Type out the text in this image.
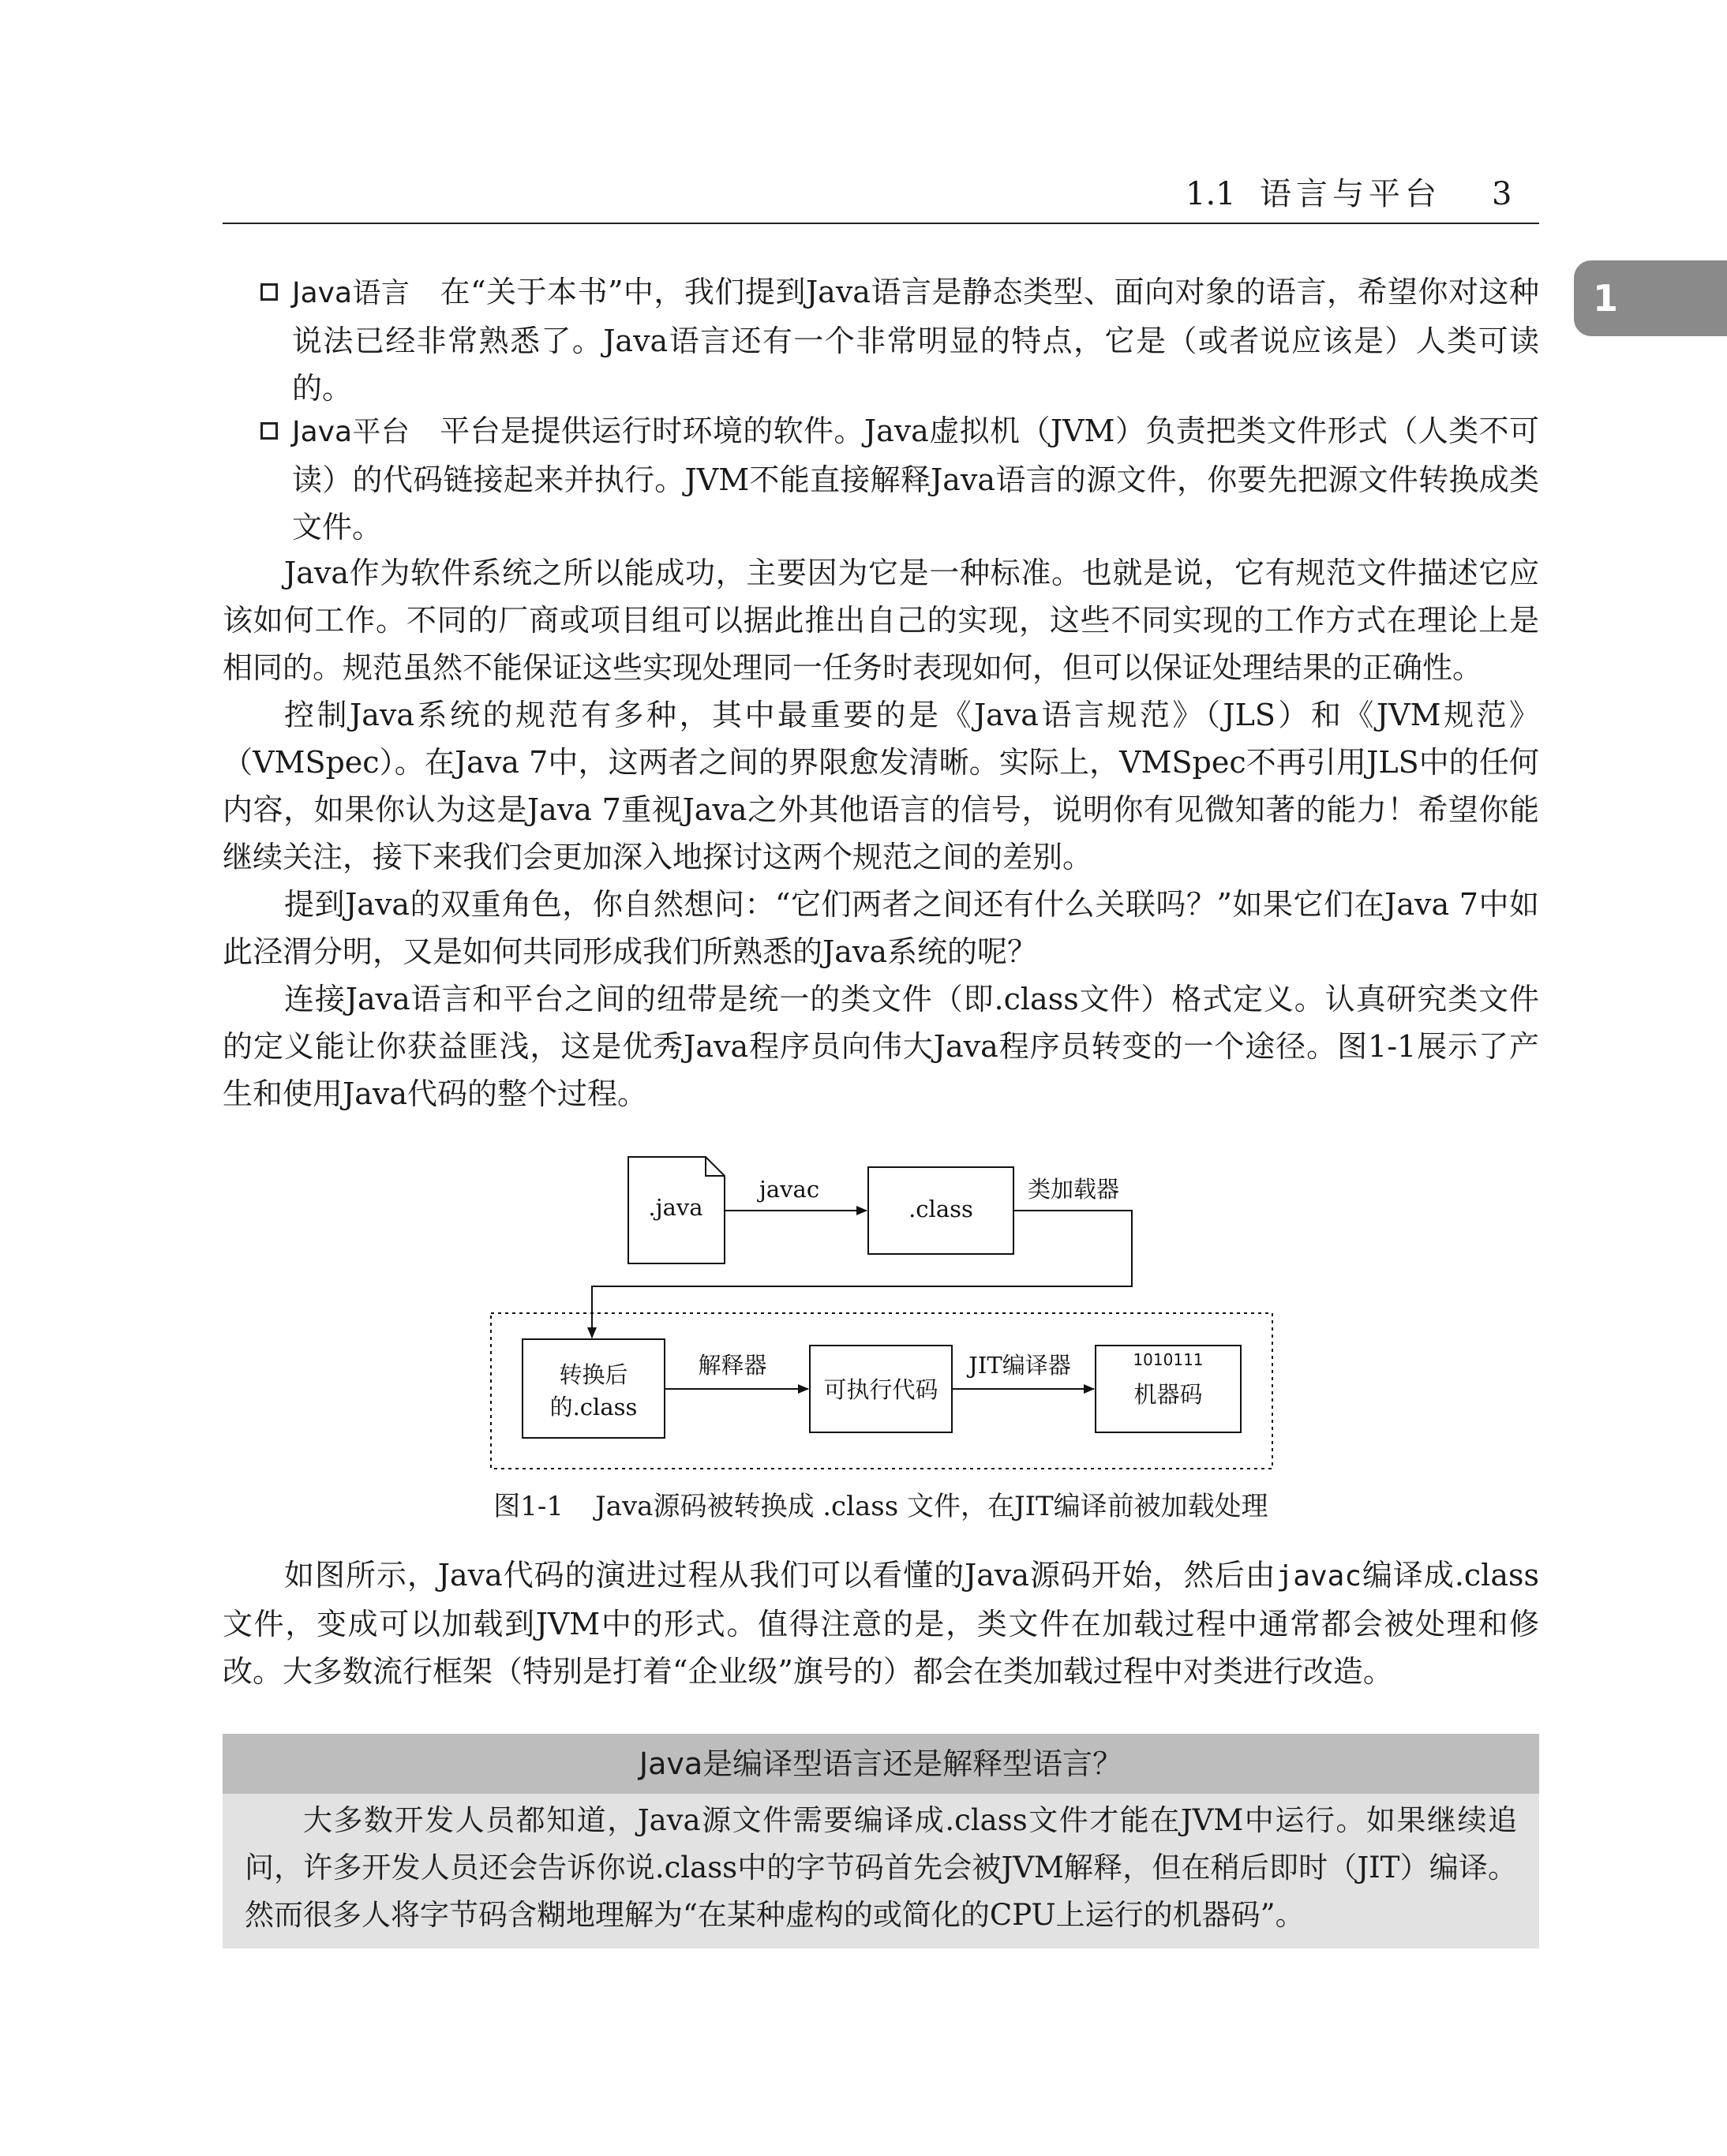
1.1 语言与平台 3
1

Java语言 在“关于本书”中，我们提到Java语言是静态类型、面向对象的语言，希望你对这种说法已经非常熟悉了。Java语言还有一个非常明显的特点，它是（或者说应该是）人类可读的。

Java平台 平台是提供运行时环境的软件。Java虚拟机（JVM）负责把类文件形式（人类不可读）的代码链接起来并执行。JVM不能直接解释Java语言的源文件，你要先把源文件转换成类文件。

Java作为软件系统之所以能成功，主要因为它是一种标准。也就是说，它有规范文件描述它应该如何工作。不同的厂商或项目组可以据此推出自己的实现，这些不同实现的工作方式在理论上是相同的。规范虽然不能保证这些实现处理同一任务时表现如何，但可以保证处理结果的正确性。

控制Java系统的规范有多种，其中最重要的是《Java语言规范》（JLS）和《JVM规范》（VMSpec）。在Java 7中，这两者之间的界限愈发清晰。实际上，VMSpec不再引用JLS中的任何内容，如果你认为这是Java 7重视Java之外其他语言的信号，说明你有见微知著的能力！希望你能继续关注，接下来我们会更加深入地探讨这两个规范之间的差别。

提到Java的双重角色，你自然想问：“它们两者之间还有什么关联吗？”如果它们在Java 7中如此泾渭分明，又是如何共同形成我们所熟悉的Java系统的呢？

连接Java语言和平台之间的纽带是统一的类文件（即.class文件）格式定义。认真研究类文件的定义能让你获益匪浅，这是优秀Java程序员向伟大Java程序员转变的一个途径。图1-1展示了产生和使用Java代码的整个过程。

.java
javac
.class
类加载器
转换后
的.class
解释器
可执行代码
JIT编译器	1010111
机器码
图1-1 Java源码被转换成 .class 文件，在JIT编译前被加载处理

如图所示，Java代码的演进过程从我们可以看懂的Java源码开始，然后由javac编译成.class文件，变成可以加载到JVM中的形式。值得注意的是，类文件在加载过程中通常都会被处理和修改。大多数流行框架（特别是打着“企业级”旗号的）都会在类加载过程中对类进行改造。

Java是编译型语言还是解释型语言？

大多数开发人员都知道，Java源文件需要编译成.class文件才能在JVM中运行。如果继续追问，许多开发人员还会告诉你说.class中的字节码首先会被JVM解释，但在稍后即时（JIT）编译。然而很多人将字节码含糊地理解为“在某种虚构的或简化的CPU上运行的机器码”。
